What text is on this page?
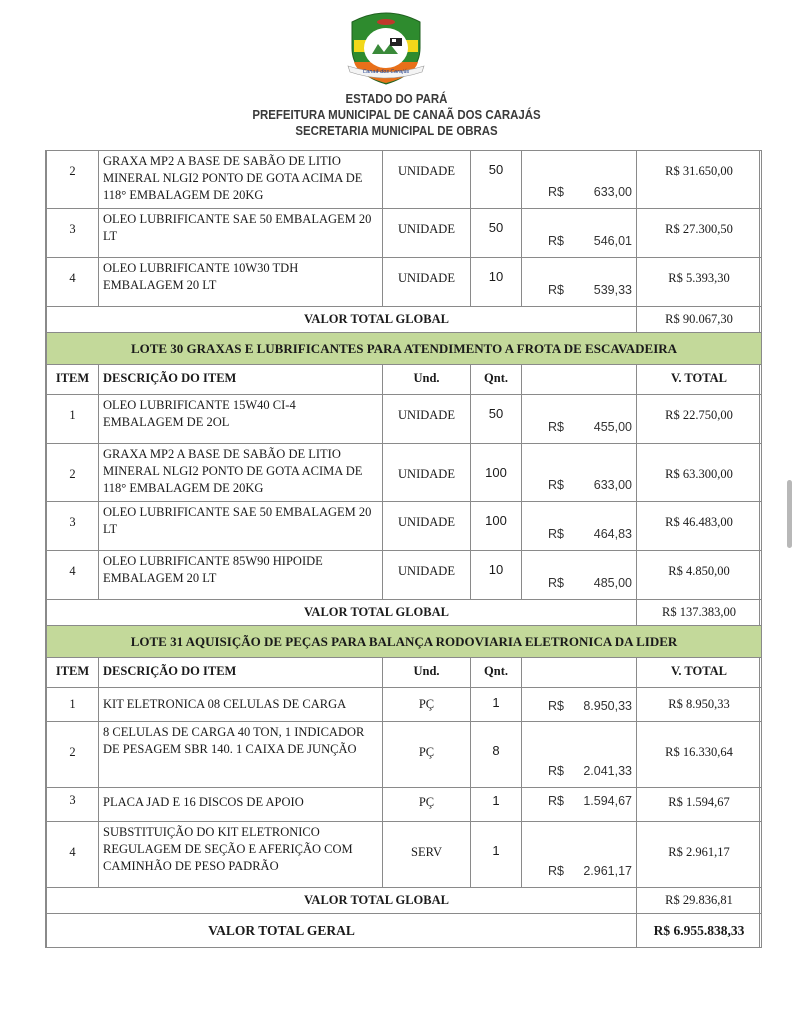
Canaã dos Carajás
ESTADO DO PARÁ
PREFEITURA MUNICIPAL DE CANAÃ DOS CARAJÁS
SECRETARIA MUNICIPAL DE OBRAS
2	GRAXA MP2 A BASE DE SABÃO DE LITIO MINERAL NLGI2 PONTO DE GOTA ACIMA DE 118° EMBALAGEM DE 20KG	UNIDADE	50	R$ 633,00	R$ 31.650,00
3	OLEO LUBRIFICANTE SAE 50 EMBALAGEM 20 LT	UNIDADE	50	R$ 546,01	R$ 27.300,50
4	OLEO LUBRIFICANTE 10W30 TDH EMBALAGEM 20 LT	UNIDADE	10	R$ 539,33	R$ 5.393,30
VALOR TOTAL GLOBAL					R$ 90.067,30
LOTE 30 GRAXAS E LUBRIFICANTES PARA ATENDIMENTO A FROTA DE ESCAVADEIRA					
ITEM	DESCRIÇÃO DO ITEM	Und.	Qnt.		V. TOTAL
1	OLEO LUBRIFICANTE 15W40 CI-4 EMBALAGEM DE 2OL	UNIDADE	50	R$ 455,00	R$ 22.750,00
2	GRAXA MP2 A BASE DE SABÃO DE LITIO MINERAL NLGI2 PONTO DE GOTA ACIMA DE 118° EMBALAGEM DE 20KG	UNIDADE	100	R$ 633,00	R$ 63.300,00
3	OLEO LUBRIFICANTE SAE 50 EMBALAGEM 20 LT	UNIDADE	100	R$ 464,83	R$ 46.483,00
4	OLEO LUBRIFICANTE 85W90 HIPOIDE EMBALAGEM 20 LT	UNIDADE	10	R$ 485,00	R$ 4.850,00
VALOR TOTAL GLOBAL					R$ 137.383,00
LOTE 31 AQUISIÇÃO DE PEÇAS PARA BALANÇA RODOVIARIA ELETRONICA DA LIDER					
ITEM	DESCRIÇÃO DO ITEM	Und.	Qnt.		V. TOTAL
1	KIT ELETRONICA 08 CELULAS DE CARGA	PÇ	1	R$ 8.950,33	R$ 8.950,33
2	8 CELULAS DE CARGA 40 TON, 1 INDICADOR DE PESAGEM SBR 140. 1 CAIXA DE JUNÇÃO	PÇ	8	R$ 2.041,33	R$ 16.330,64
3	PLACA JAD E 16 DISCOS DE APOIO	PÇ	1	R$ 1.594,67	R$ 1.594,67
4	SUBSTITUIÇÃO DO KIT ELETRONICO REGULAGEM DE SEÇÃO E AFERIÇÃO COM CAMINHÃO DE PESO PADRÃO	SERV	1	R$ 2.961,17	R$ 2.961,17
VALOR TOTAL GLOBAL					R$ 29.836,81
VALOR TOTAL GERAL					R$ 6.955.838,33
